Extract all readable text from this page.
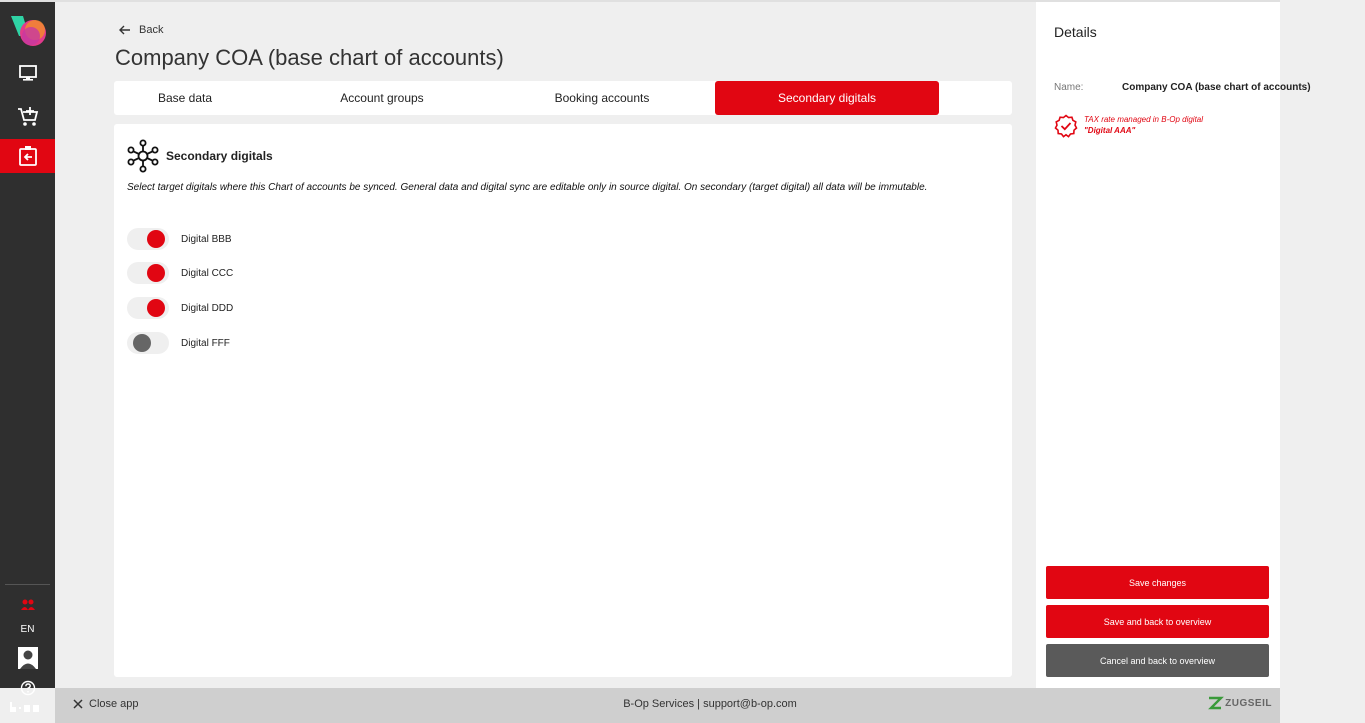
EN
Back
Company COA (base chart of accounts)
Base data	Account groups	Booking accounts	Secondary digitals
Secondary digitals

Select target digitals where this Chart of accounts be synced. General data and digital sync are editable only in source digital. On secondary (target digital) all data will be immutable.

Digital BBB
Digital CCC
Digital DDD
Digital FFF
Details
Name:	Company COA (base chart of accounts)
TAX rate managed in B-Op digital
"Digital AAA"
Save changes
Save and back to overview
Cancel and back to overview
Close app	B-Op Services | support@b-op.com	ZUGSEIL
